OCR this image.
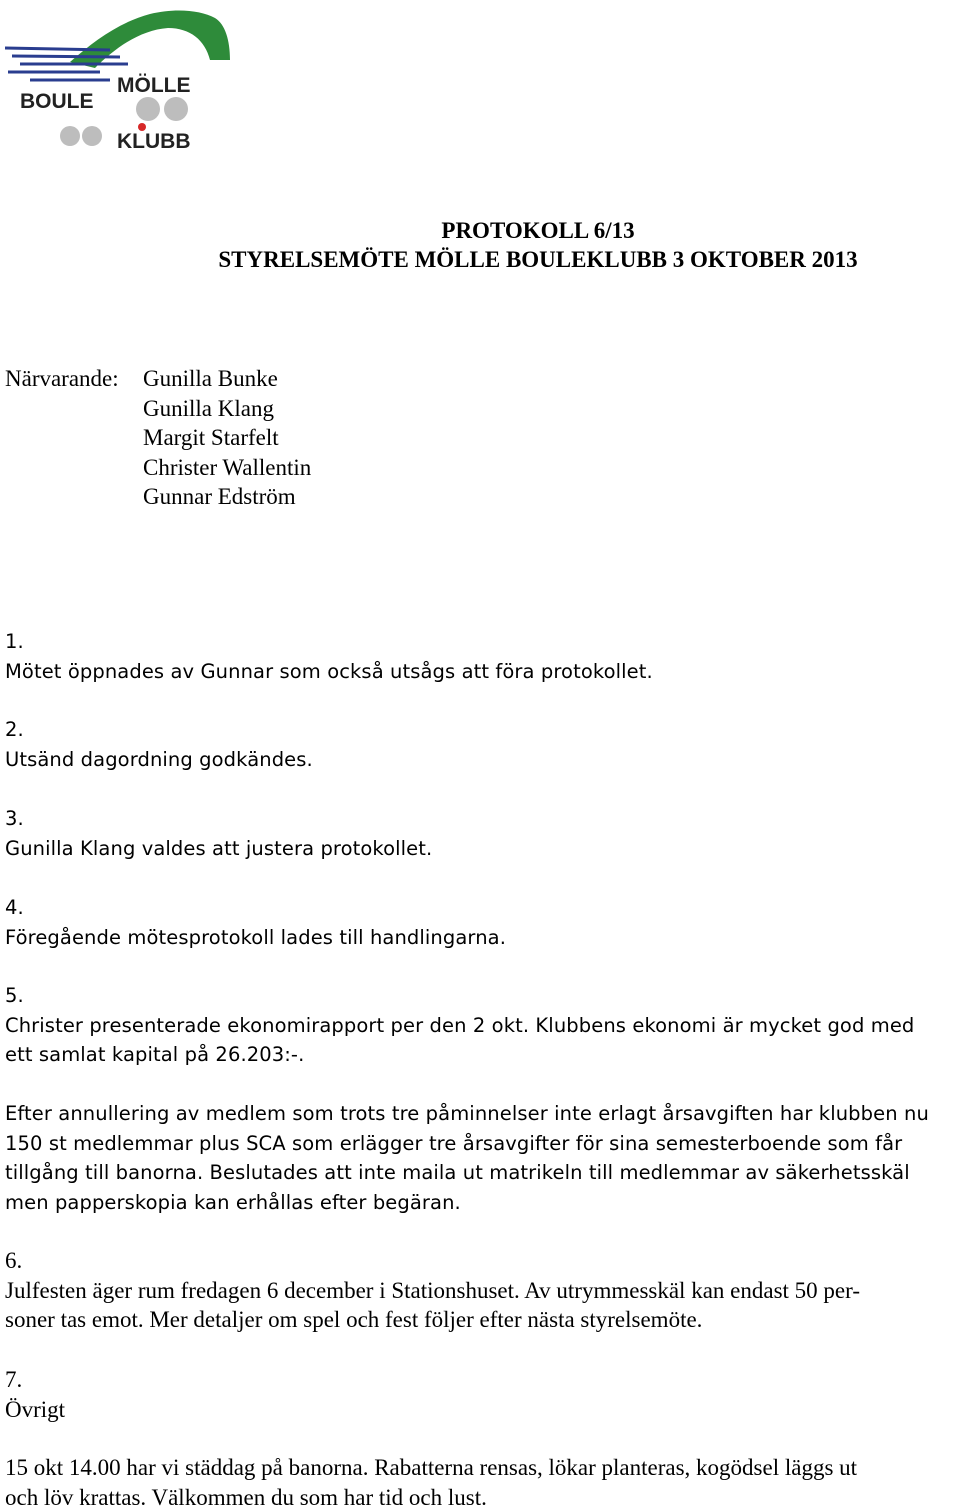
MÖLLE
BOULE
KLUBB
PROTOKOLL 6/13
STYRELSEMÖTE MÖLLE BOULEKLUBB 3 OKTOBER 2013
Närvarande:	Gunilla Bunke
Gunilla Klang
Margit Starfelt
Christer Wallentin
Gunnar Edström
1.
Mötet öppnades av Gunnar som också utsågs att föra protokollet.
2.
Utsänd dagordning godkändes.
3.
Gunilla Klang valdes att justera protokollet.
4.
Föregående mötesprotokoll lades till handlingarna.
5.
Christer presenterade ekonomirapport per den 2 okt. Klubbens ekonomi är mycket god med
ett samlat kapital på 26.203:-.
Efter annullering av medlem som trots tre påminnelser inte erlagt årsavgiften har klubben nu
150 st medlemmar plus SCA som erlägger tre årsavgifter för sina semesterboende som får
tillgång till banorna. Beslutades att inte maila ut matrikeln till medlemmar av säkerhetsskäl
men papperskopia kan erhållas efter begäran.
6.
Julfesten äger rum fredagen 6 december i Stationshuset. Av utrymmesskäl kan endast 50 per-
soner tas emot. Mer detaljer om spel och fest följer efter nästa styrelsemöte.
7.
Övrigt
15 okt 14.00 har vi städdag på banorna. Rabatterna rensas, lökar planteras, kogödsel läggs ut
och löv krattas. Välkommen du som har tid och lust.
